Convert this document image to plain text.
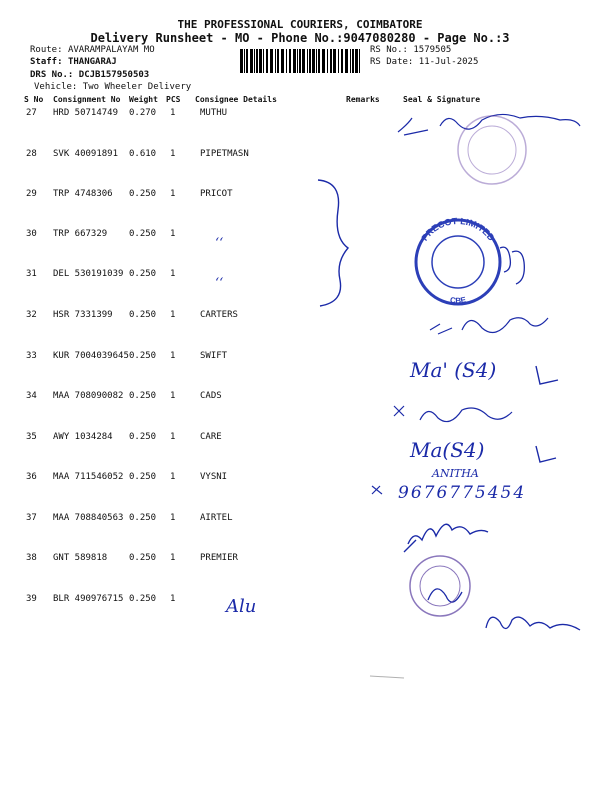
THE PROFESSIONAL COURIERS, COIMBATORE
Delivery Runsheet - MO - Phone No.:9047080280 - Page No.:3
Route: AVARAMPALAYAM MO
Staff: THANGARAJ
DRS No.: DCJB157950503
Vehicle: Two Wheeler Delivery
RS No.: 1579505
RS Date: 11-Jul-2025
S No Consignment No Weight PCS Consignee Details	Remarks	Seal & Signature
27 HRD 50714749 0.270 1	MUTHU
28 SVK 40091891 0.610 1	PIPETMASN
29 TRP 4748306 0.250 1	PRICOT
30 TRP 667329 0.250 1
31 DEL 530191039 0.250 1
32 HSR 7331399 0.250 1	CARTERS
33 KUR 7004039645 0.250 1	SWIFT
34 MAA 708090082 0.250 1	CADS
35 AWY 1034284 0.250 1	CARE
36 MAA 711546052 0.250 1	VYSNI
37 MAA 708840563 0.250 1	AIRTEL
38 GNT 589818 0.250 1	PREMIER
39 BLR 490976715 0.250 1
ʻʻ
ʻʻ
Ma' (S4)
Ma(S4)
ANITHA
9676775454
Alu
PRECOT LIMITED
CBE
